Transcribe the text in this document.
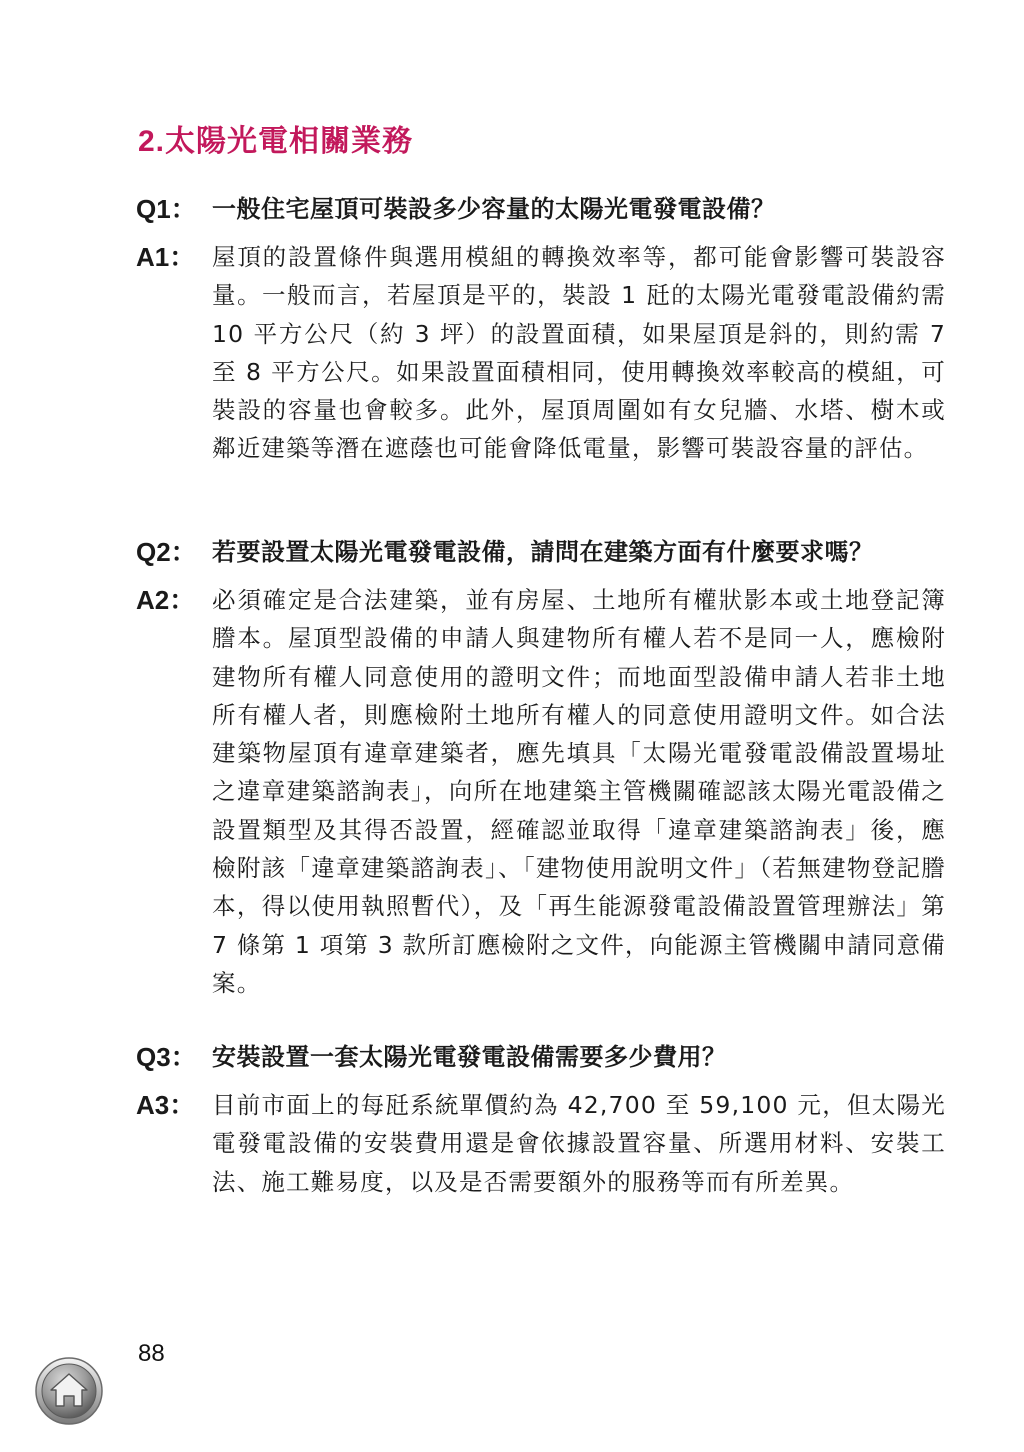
2.太陽光電相關業務
Q1： 一般住宅屋頂可裝設多少容量的太陽光電發電設備？
A1： 屋頂的設置條件與選用模組的轉換效率等，都可能會影響可裝設容量。一般而言，若屋頂是平的，裝設 1 瓩的太陽光電發電設備約需 10 平方公尺（約 3 坪）的設置面積，如果屋頂是斜的，則約需 7 至 8 平方公尺。如果設置面積相同，使用轉換效率較高的模組，可裝設的容量也會較多。此外，屋頂周圍如有女兒牆、水塔、樹木或鄰近建築等潛在遮蔭也可能會降低電量，影響可裝設容量的評估。

Q2： 若要設置太陽光電發電設備，請問在建築方面有什麼要求嗎？
A2： 必須確定是合法建築，並有房屋、土地所有權狀影本或土地登記簿謄本。屋頂型設備的申請人與建物所有權人若不是同一人，應檢附建物所有權人同意使用的證明文件；而地面型設備申請人若非土地所有權人者，則應檢附土地所有權人的同意使用證明文件。如合法建築物屋頂有違章建築者，應先填具「太陽光電發電設備設置場址之違章建築諮詢表」，向所在地建築主管機關確認該太陽光電設備之設置類型及其得否設置，經確認並取得「違章建築諮詢表」後，應檢附該「違章建築諮詢表」、「建物使用說明文件」（若無建物登記謄本，得以使用執照暫代），及「再生能源發電設備設置管理辦法」第 7 條第 1 項第 3 款所訂應檢附之文件，向能源主管機關申請同意備案。

Q3： 安裝設置一套太陽光電發電設備需要多少費用？
A3： 目前市面上的每瓩系統單價約為 42,700 至 59,100 元，但太陽光電發電設備的安裝費用還是會依據設置容量、所選用材料、安裝工法、施工難易度，以及是否需要額外的服務等而有所差異。

88
